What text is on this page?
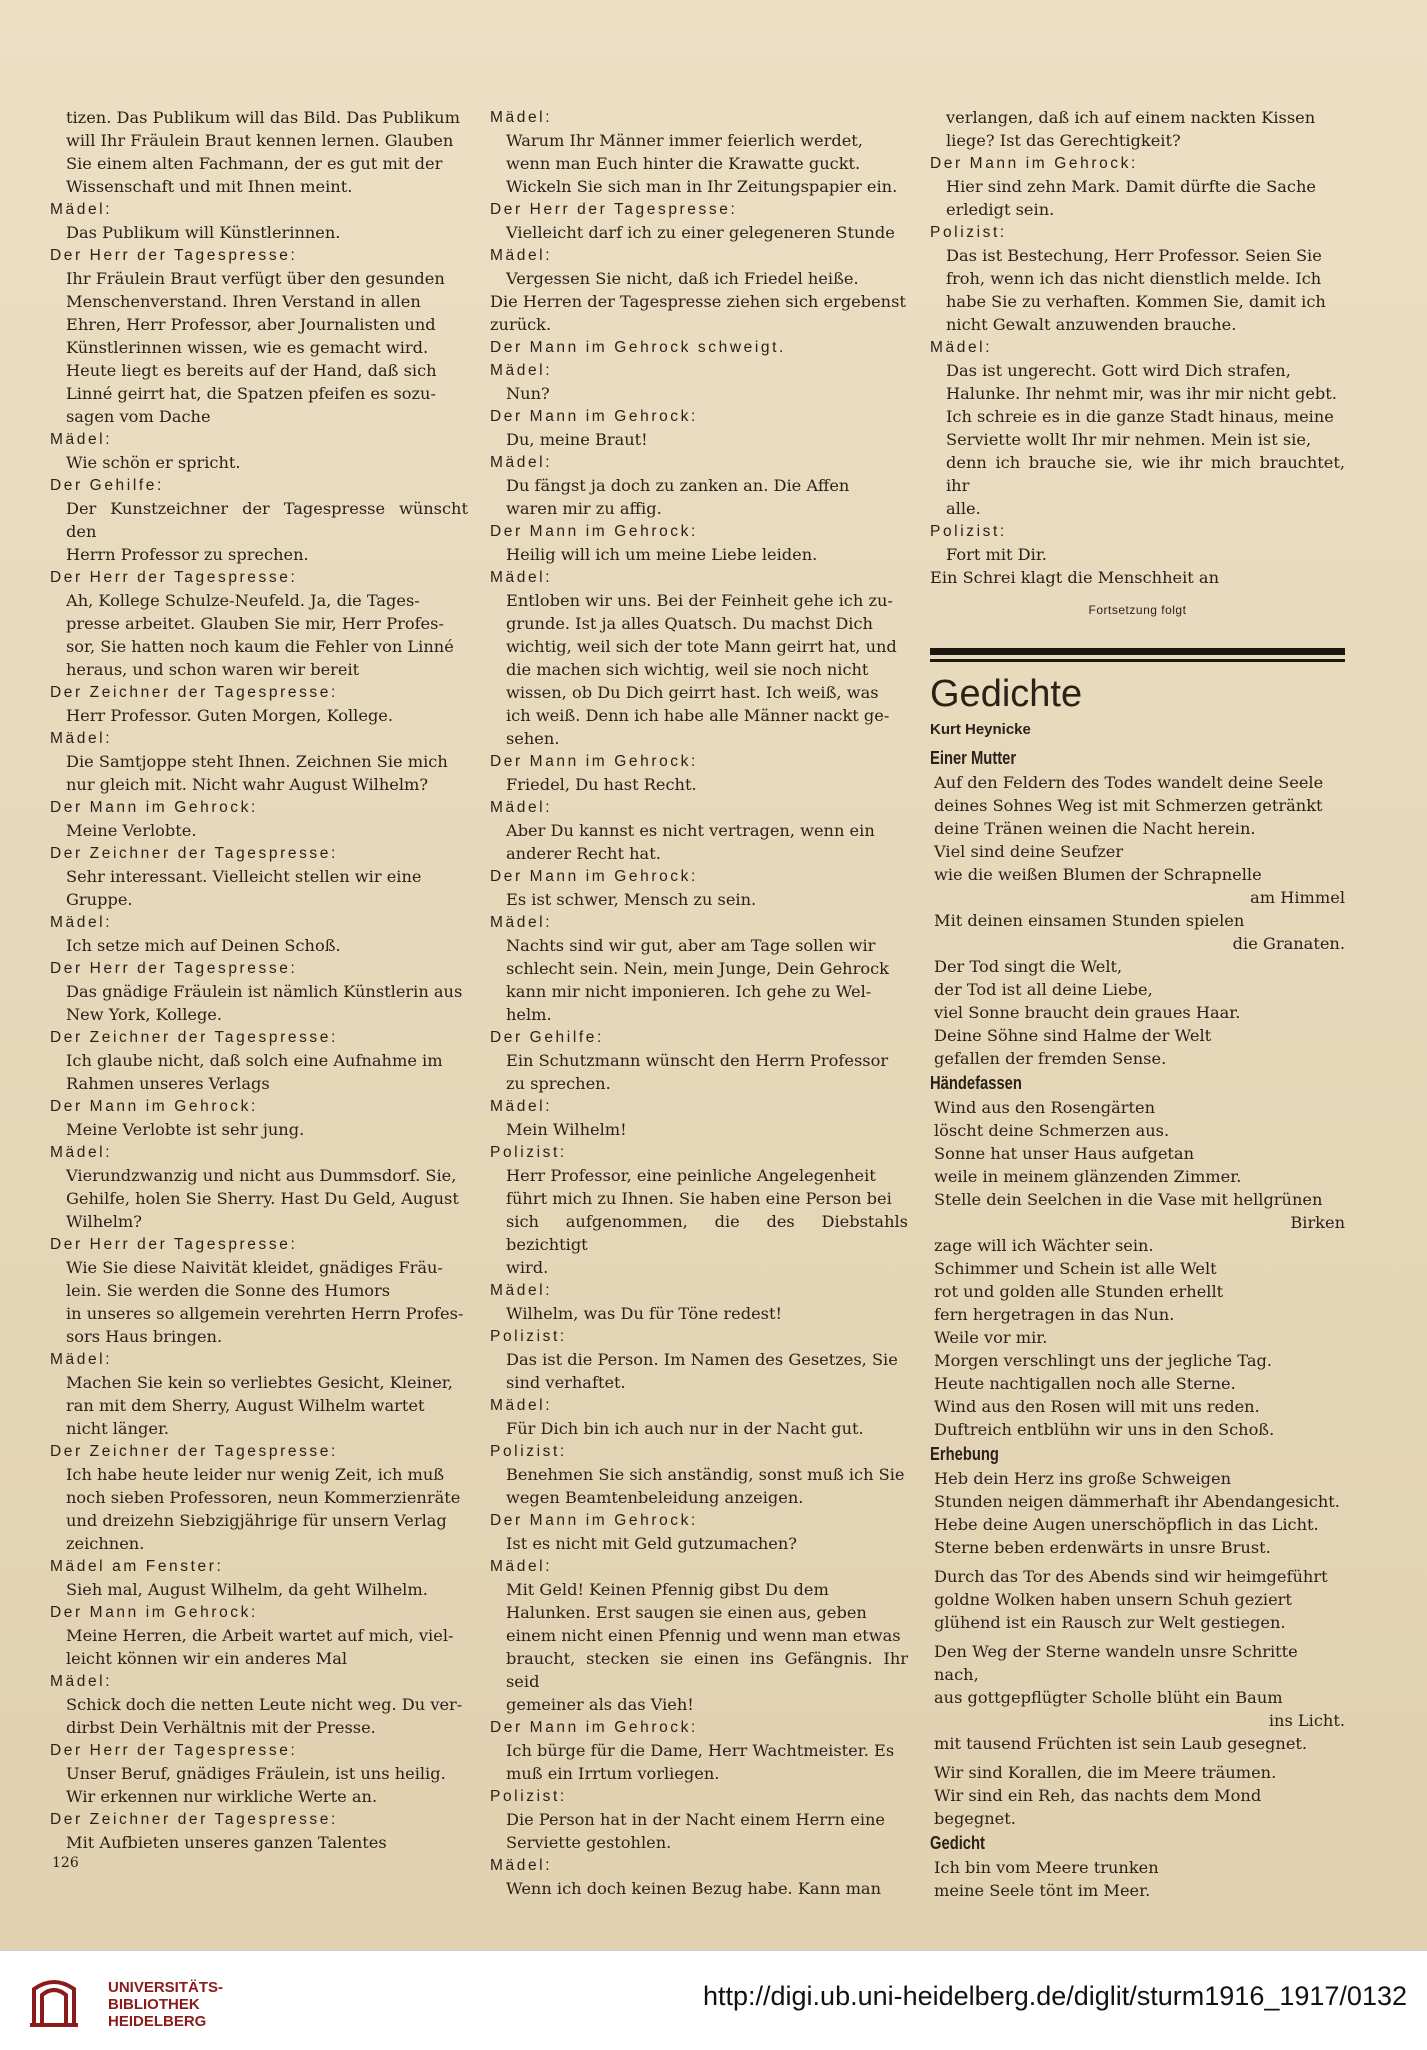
tizen. Das Publikum will das Bild. Das Publikum
will Ihr Fräulein Braut kennen lernen. Glauben
Sie einem alten Fachmann, der es gut mit der
Wissenschaft und mit Ihnen meint.
Mädel:
Das Publikum will Künstlerinnen.
Der Herr der Tagespresse:
Ihr Fräulein Braut verfügt über den gesunden
Menschenverstand. Ihren Verstand in allen
Ehren, Herr Professor, aber Journalisten und
Künstlerinnen wissen, wie es gemacht wird.
Heute liegt es bereits auf der Hand, daß sich
Linné geirrt hat, die Spatzen pfeifen es sozu-
sagen vom Dache
Mädel:
Wie schön er spricht.
Der Gehilfe:
Der Kunstzeichner der Tagespresse wünscht den
Herrn Professor zu sprechen.
Der Herr der Tagespresse:
Ah, Kollege Schulze-Neufeld. Ja, die Tages-
presse arbeitet. Glauben Sie mir, Herr Profes-
sor, Sie hatten noch kaum die Fehler von Linné
heraus, und schon waren wir bereit
Der Zeichner der Tagespresse:
Herr Professor. Guten Morgen, Kollege.
Mädel:
Die Samtjoppe steht Ihnen. Zeichnen Sie mich
nur gleich mit. Nicht wahr August Wilhelm?
Der Mann im Gehrock:
Meine Verlobte.
Der Zeichner der Tagespresse:
Sehr interessant. Vielleicht stellen wir eine
Gruppe.
Mädel:
Ich setze mich auf Deinen Schoß.
Der Herr der Tagespresse:
Das gnädige Fräulein ist nämlich Künstlerin aus
New York, Kollege.
Der Zeichner der Tagespresse:
Ich glaube nicht, daß solch eine Aufnahme im
Rahmen unseres Verlags
Der Mann im Gehrock:
Meine Verlobte ist sehr jung.
Mädel:
Vierundzwanzig und nicht aus Dummsdorf. Sie,
Gehilfe, holen Sie Sherry. Hast Du Geld, August
Wilhelm?
Der Herr der Tagespresse:
Wie Sie diese Naivität kleidet, gnädiges Fräu-
lein. Sie werden die Sonne des Humors
in unseres so allgemein verehrten Herrn Profes-
sors Haus bringen.
Mädel:
Machen Sie kein so verliebtes Gesicht, Kleiner,
ran mit dem Sherry, August Wilhelm wartet
nicht länger.
Der Zeichner der Tagespresse:
Ich habe heute leider nur wenig Zeit, ich muß
noch sieben Professoren, neun Kommerzienräte
und dreizehn Siebzigjährige für unsern Verlag
zeichnen.
Mädel am Fenster:
Sieh mal, August Wilhelm, da geht Wilhelm.
Der Mann im Gehrock:
Meine Herren, die Arbeit wartet auf mich, viel-
leicht können wir ein anderes Mal
Mädel:
Schick doch die netten Leute nicht weg. Du ver-
dirbst Dein Verhältnis mit der Presse.
Der Herr der Tagespresse:
Unser Beruf, gnädiges Fräulein, ist uns heilig.
Wir erkennen nur wirkliche Werte an.
Der Zeichner der Tagespresse:
Mit Aufbieten unseres ganzen Talentes
Mädel:
Warum Ihr Männer immer feierlich werdet,
wenn man Euch hinter die Krawatte guckt.
Wickeln Sie sich man in Ihr Zeitungspapier ein.
Der Herr der Tagespresse:
Vielleicht darf ich zu einer gelegeneren Stunde
Mädel:
Vergessen Sie nicht, daß ich Friedel heiße.
Die Herren der Tagespresse ziehen sich ergebenst
zurück.
Der Mann im Gehrock schweigt.
Mädel:
Nun?
Der Mann im Gehrock:
Du, meine Braut!
Mädel:
Du fängst ja doch zu zanken an. Die Affen
waren mir zu affig.
Der Mann im Gehrock:
Heilig will ich um meine Liebe leiden.
Mädel:
Entloben wir uns. Bei der Feinheit gehe ich zu-
grunde. Ist ja alles Quatsch. Du machst Dich
wichtig, weil sich der tote Mann geirrt hat, und
die machen sich wichtig, weil sie noch nicht
wissen, ob Du Dich geirrt hast. Ich weiß, was
ich weiß. Denn ich habe alle Männer nackt ge-
sehen.
Der Mann im Gehrock:
Friedel, Du hast Recht.
Mädel:
Aber Du kannst es nicht vertragen, wenn ein
anderer Recht hat.
Der Mann im Gehrock:
Es ist schwer, Mensch zu sein.
Mädel:
Nachts sind wir gut, aber am Tage sollen wir
schlecht sein. Nein, mein Junge, Dein Gehrock
kann mir nicht imponieren. Ich gehe zu Wel-
helm.
Der Gehilfe:
Ein Schutzmann wünscht den Herrn Professor
zu sprechen.
Mädel:
Mein Wilhelm!
Polizist:
Herr Professor, eine peinliche Angelegenheit
führt mich zu Ihnen. Sie haben eine Person bei
sich aufgenommen, die des Diebstahls bezichtigt
wird.
Mädel:
Wilhelm, was Du für Töne redest!
Polizist:
Das ist die Person. Im Namen des Gesetzes, Sie
sind verhaftet.
Mädel:
Für Dich bin ich auch nur in der Nacht gut.
Polizist:
Benehmen Sie sich anständig, sonst muß ich Sie
wegen Beamtenbeleidung anzeigen.
Der Mann im Gehrock:
Ist es nicht mit Geld gutzumachen?
Mädel:
Mit Geld! Keinen Pfennig gibst Du dem
Halunken. Erst saugen sie einen aus, geben
einem nicht einen Pfennig und wenn man etwas
braucht, stecken sie einen ins Gefängnis. Ihr seid
gemeiner als das Vieh!
Der Mann im Gehrock:
Ich bürge für die Dame, Herr Wachtmeister. Es
muß ein Irrtum vorliegen.
Polizist:
Die Person hat in der Nacht einem Herrn eine
Serviette gestohlen.
Mädel:
Wenn ich doch keinen Bezug habe. Kann man
verlangen, daß ich auf einem nackten Kissen
liege? Ist das Gerechtigkeit?
Der Mann im Gehrock:
Hier sind zehn Mark. Damit dürfte die Sache
erledigt sein.
Polizist:
Das ist Bestechung, Herr Professor. Seien Sie
froh, wenn ich das nicht dienstlich melde. Ich
habe Sie zu verhaften. Kommen Sie, damit ich
nicht Gewalt anzuwenden brauche.
Mädel:
Das ist ungerecht. Gott wird Dich strafen,
Halunke. Ihr nehmt mir, was ihr mir nicht gebt.
Ich schreie es in die ganze Stadt hinaus, meine
Serviette wollt Ihr mir nehmen. Mein ist sie,
denn ich brauche sie, wie ihr mich brauchtet, ihr
alle.
Polizist:
Fort mit Dir.
Ein Schrei klagt die Menschheit an
Fortsetzung folgt
Gedichte
Kurt Heynicke
Einer Mutter
Auf den Feldern des Todes wandelt deine Seele
deines Sohnes Weg ist mit Schmerzen getränkt
deine Tränen weinen die Nacht herein.
Viel sind deine Seufzer
wie die weißen Blumen der Schrapnelle
am Himmel
Mit deinen einsamen Stunden spielen
die Granaten.
Der Tod singt die Welt,
der Tod ist all deine Liebe,
viel Sonne braucht dein graues Haar.
Deine Söhne sind Halme der Welt
gefallen der fremden Sense.
Händefassen
Wind aus den Rosengärten
löscht deine Schmerzen aus.
Sonne hat unser Haus aufgetan
weile in meinem glänzenden Zimmer.
Stelle dein Seelchen in die Vase mit hellgrünen
Birken
zage will ich Wächter sein.
Schimmer und Schein ist alle Welt
rot und golden alle Stunden erhellt
fern hergetragen in das Nun.
Weile vor mir.
Morgen verschlingt uns der jegliche Tag.
Heute nachtigallen noch alle Sterne.
Wind aus den Rosen will mit uns reden.
Duftreich entblühn wir uns in den Schoß.
Erhebung
Heb dein Herz ins große Schweigen
Stunden neigen dämmerhaft ihr Abendangesicht.
Hebe deine Augen unerschöpflich in das Licht.
Sterne beben erdenwärts in unsre Brust.
Durch das Tor des Abends sind wir heimgeführt
goldne Wolken haben unsern Schuh geziert
glühend ist ein Rausch zur Welt gestiegen.
Den Weg der Sterne wandeln unsre Schritte nach,
aus gottgepflügter Scholle blüht ein Baum
ins Licht.
mit tausend Früchten ist sein Laub gesegnet.
Wir sind Korallen, die im Meere träumen.
Wir sind ein Reh, das nachts dem Mond begegnet.
Gedicht
Ich bin vom Meere trunken
meine Seele tönt im Meer.
126
UNIVERSITÄTS-
BIBLIOTHEK
HEIDELBERG
http://digi.ub.uni-heidelberg.de/diglit/sturm1916_1917/0132
